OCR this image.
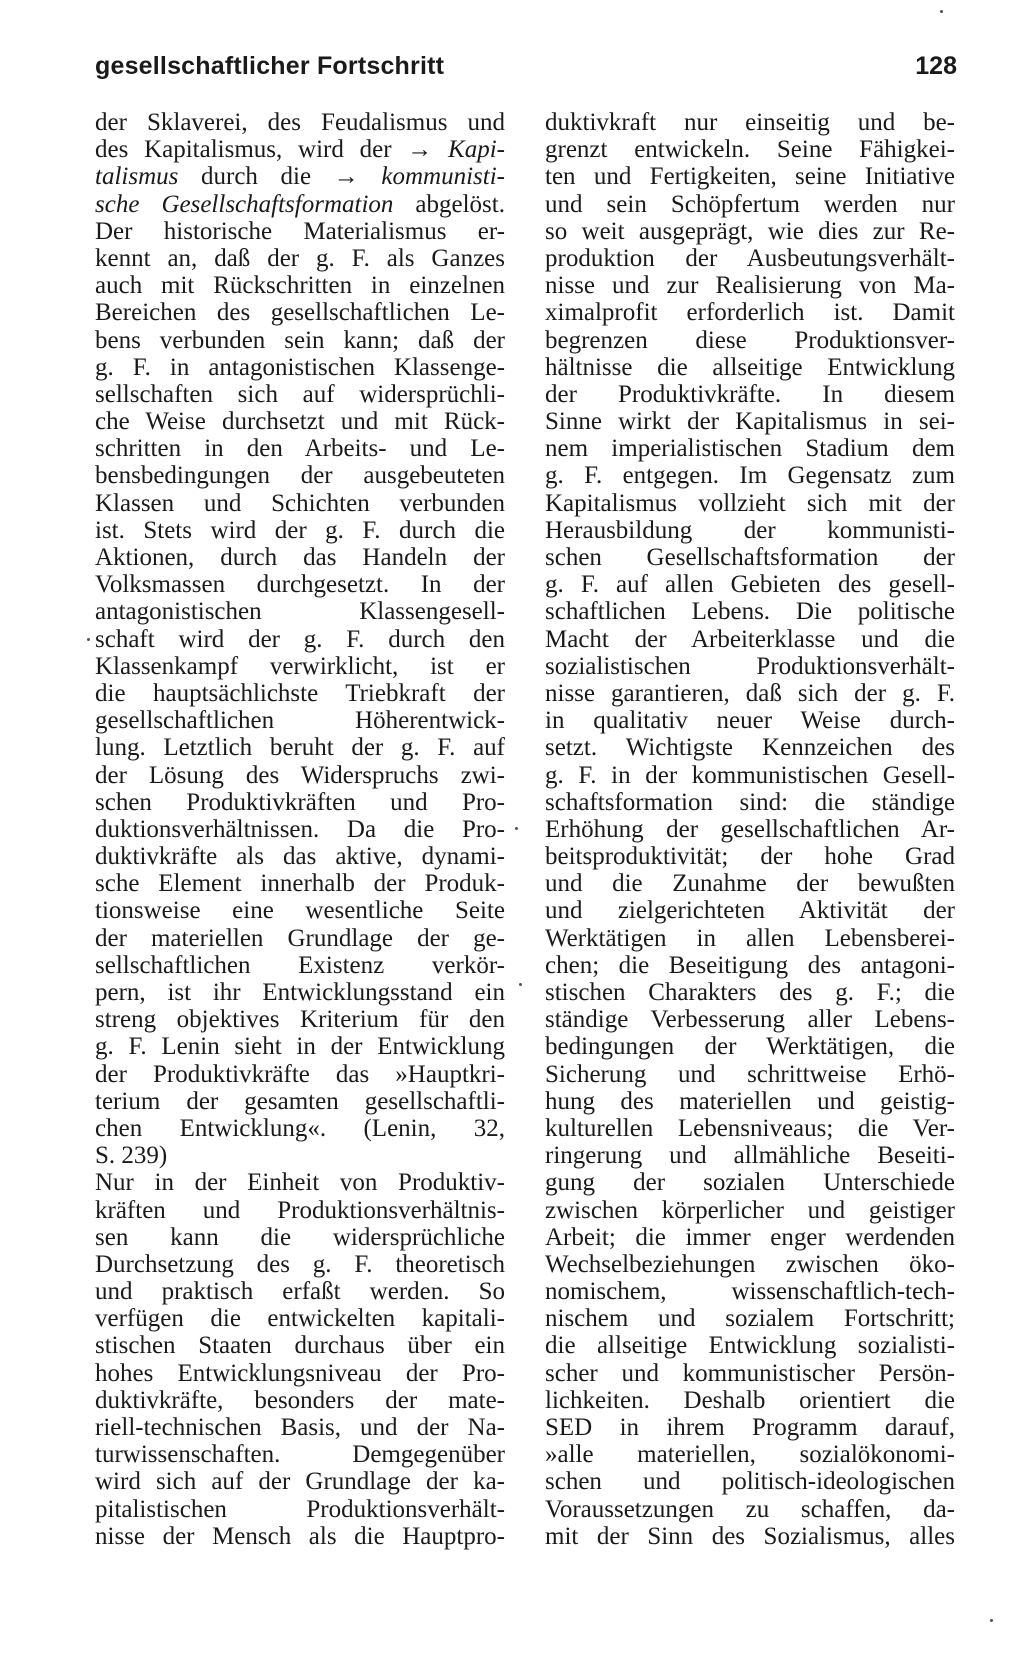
gesellschaftlicher Fortschritt	128
der Sklaverei, des Feudalismus und
des Kapitalismus, wird der → Kapi-
talismus durch die → kommunisti-
sche Gesellschaftsformation abgelöst.
Der historische Materialismus er-
kennt an, daß der g. F. als Ganzes
auch mit Rückschritten in einzelnen
Bereichen des gesellschaftlichen Le-
bens verbunden sein kann; daß der
g. F. in antagonistischen Klassenge-
sellschaften sich auf widersprüchli-
che Weise durchsetzt und mit Rück-
schritten in den Arbeits- und Le-
bensbedingungen der ausgebeuteten
Klassen und Schichten verbunden
ist. Stets wird der g. F. durch die
Aktionen, durch das Handeln der
Volksmassen durchgesetzt. In der
antagonistischen Klassengesell-
schaft wird der g. F. durch den
Klassenkampf verwirklicht, ist er
die hauptsächlichste Triebkraft der
gesellschaftlichen Höherentwick-
lung. Letztlich beruht der g. F. auf
der Lösung des Widerspruchs zwi-
schen Produktivkräften und Pro-
duktionsverhältnissen. Da die Pro-
duktivkräfte als das aktive, dynami-
sche Element innerhalb der Produk-
tionsweise eine wesentliche Seite
der materiellen Grundlage der ge-
sellschaftlichen Existenz verkör-
pern, ist ihr Entwicklungsstand ein
streng objektives Kriterium für den
g. F. Lenin sieht in der Entwicklung
der Produktivkräfte das »Hauptkri-
terium der gesamten gesellschaftli-
chen Entwicklung«. (Lenin, 32,
S. 239)
Nur in der Einheit von Produktiv-
kräften und Produktionsverhältnis-
sen kann die widersprüchliche
Durchsetzung des g. F. theoretisch
und praktisch erfaßt werden. So
verfügen die entwickelten kapitali-
stischen Staaten durchaus über ein
hohes Entwicklungsniveau der Pro-
duktivkräfte, besonders der mate-
riell-technischen Basis, und der Na-
turwissenschaften. Demgegenüber
wird sich auf der Grundlage der ka-
pitalistischen Produktionsverhält-
nisse der Mensch als die Hauptpro-
duktivkraft nur einseitig und be-
grenzt entwickeln. Seine Fähigkei-
ten und Fertigkeiten, seine Initiative
und sein Schöpfertum werden nur
so weit ausgeprägt, wie dies zur Re-
produktion der Ausbeutungsverhält-
nisse und zur Realisierung von Ma-
ximalprofit erforderlich ist. Damit
begrenzen diese Produktionsver-
hältnisse die allseitige Entwicklung
der Produktivkräfte. In diesem
Sinne wirkt der Kapitalismus in sei-
nem imperialistischen Stadium dem
g. F. entgegen. Im Gegensatz zum
Kapitalismus vollzieht sich mit der
Herausbildung der kommunisti-
schen Gesellschaftsformation der
g. F. auf allen Gebieten des gesell-
schaftlichen Lebens. Die politische
Macht der Arbeiterklasse und die
sozialistischen Produktionsverhält-
nisse garantieren, daß sich der g. F.
in qualitativ neuer Weise durch-
setzt. Wichtigste Kennzeichen des
g. F. in der kommunistischen Gesell-
schaftsformation sind: die ständige
Erhöhung der gesellschaftlichen Ar-
beitsproduktivität; der hohe Grad
und die Zunahme der bewußten
und zielgerichteten Aktivität der
Werktätigen in allen Lebensberei-
chen; die Beseitigung des antagoni-
stischen Charakters des g. F.; die
ständige Verbesserung aller Lebens-
bedingungen der Werktätigen, die
Sicherung und schrittweise Erhö-
hung des materiellen und geistig-
kulturellen Lebensniveaus; die Ver-
ringerung und allmähliche Beseiti-
gung der sozialen Unterschiede
zwischen körperlicher und geistiger
Arbeit; die immer enger werdenden
Wechselbeziehungen zwischen öko-
nomischem, wissenschaftlich-tech-
nischem und sozialem Fortschritt;
die allseitige Entwicklung sozialisti-
scher und kommunistischer Persön-
lichkeiten. Deshalb orientiert die
SED in ihrem Programm darauf,
»alle materiellen, sozialökonomi-
schen und politisch-ideologischen
Voraussetzungen zu schaffen, da-
mit der Sinn des Sozialismus, alles
